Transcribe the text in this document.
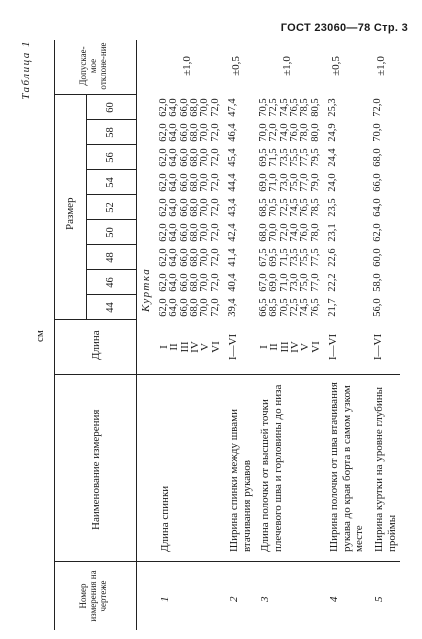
ГОСТ 23060—78 Стр. 3
Таблица 1
см
Номер измерения на чертеже
Наименование измерения
Длина
Размер
Допускае-мое отклоне-ние
44
46
48
50
52
54
56
58
60
Куртка
1
Длина спинки
I
II
III
IV
V
VI
62,0 64,0 66,0 68,0 70,0 72,0
62,0 64,0 66,0 68,0 70,0 72,0
62,0 64,0 66,0 68,0 70,0 72,0
62,0 64,0 66,0 68,0 70,0 72,0
62,0 64,0 66,0 68,0 70,0 72,0
62,0 64,0 66,0 68,0 70,0 72,0
62,0 64,0 66,0 68,0 70,0 72,0
62,0 64,0 66,0 68,0 70,0 72,0
62,0 64,0 66,0 68,0 70,0 72,0
±1,0
2
Ширина спинки между швами втачивания рукавов
I—VI
39,4
40,4
41,4
42,4
43,4
44,4
45,4
46,4
47,4
±0,5
3
Длина полочки от высшей точки плечевого шва и горловины до низа
I
II
III
IV
V
VI
66,5 68,5 70,5 72,5 74,5 76,5
67,0 69,0 71,0 73,0 75,0 77,0
67,5 69,5 71,5 73,5 75,5 77,5
68,0 70,0 72,0 74,0 76,0 78,0
68,5 70,5 72,5 74,5 76,5 78,5
69,0 71,0 73,0 75,0 77,0 79,0
69,5 71,5 73,5 75,5 77,5 79,5
70,0 72,0 74,0 76,0 78,0 80,0
70,5 72,5 74,5 76,5 78,5 80,5
±1,0
4
Ширина полочки от шва втачивания рукава до края борта в самом узком месте
I—VI
21,7
22,2
22,6
23,1
23,5
24,0
24,4
24,9
25,3
±0,5
5
Ширина куртки на уровне глубины проймы
I—VI
56,0
58,0
60,0
62,0
64,0
66,0
68,0
70,0
72,0
±1,0
